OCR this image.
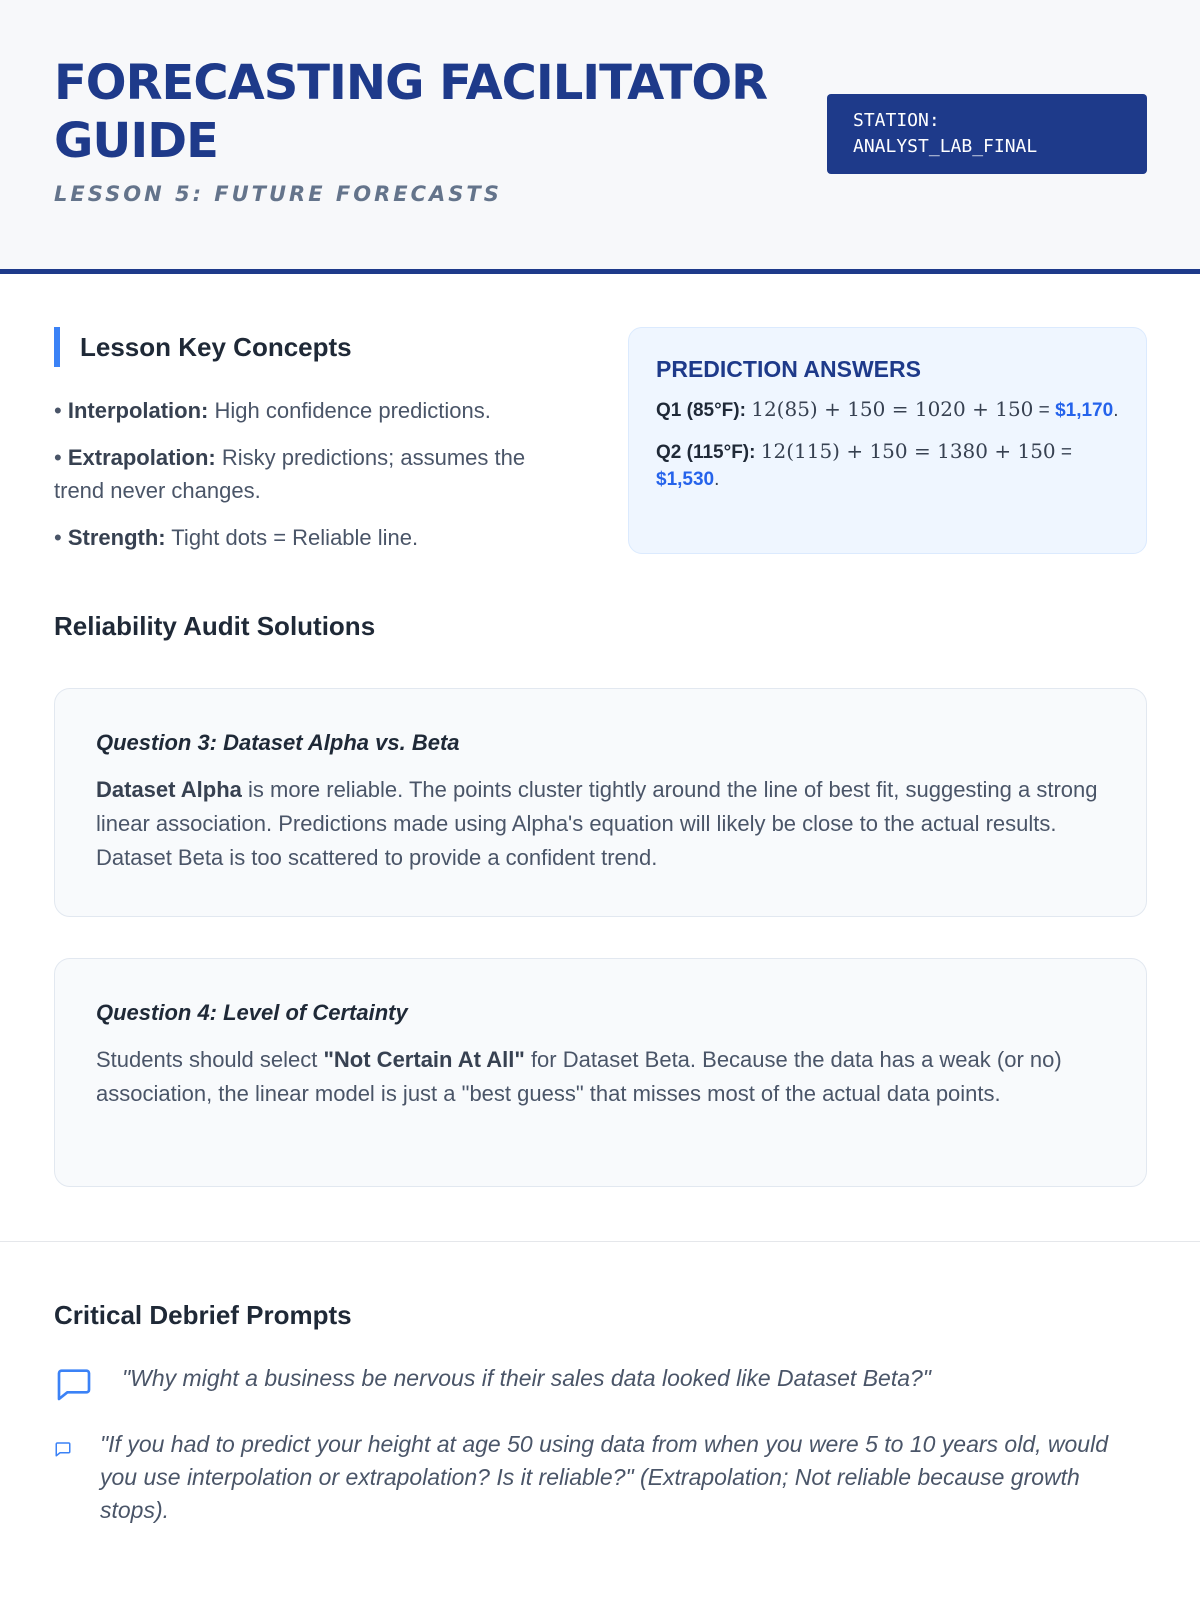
FORECASTING FACILITATOR GUIDE
LESSON 5: FUTURE FORECASTS
STATION:
ANALYST_LAB_FINAL
Lesson Key Concepts
• Interpolation: High confidence predictions.
• Extrapolation: Risky predictions; assumes the trend never changes.
• Strength: Tight dots = Reliable line.
PREDICTION ANSWERS
Q1 (85°F): 12(85) + 150 = 1020 + 150 = $1,170.
Q2 (115°F): 12(115) + 150 = 1380 + 150 = $1,530.
Reliability Audit Solutions
Question 3: Dataset Alpha vs. Beta

Dataset Alpha is more reliable. The points cluster tightly around the line of best fit, suggesting a strong linear association. Predictions made using Alpha's equation will likely be close to the actual results. Dataset Beta is too scattered to provide a confident trend.

Question 4: Level of Certainty

Students should select "Not Certain At All" for Dataset Beta. Because the data has a weak (or no) association, the linear model is just a "best guess" that misses most of the actual data points.

Critical Debrief Prompts

"Why might a business be nervous if their sales data looked like Dataset Beta?"

"If you had to predict your height at age 50 using data from when you were 5 to 10 years old, would you use interpolation or extrapolation? Is it reliable?" (Extrapolation; Not reliable because growth stops).
